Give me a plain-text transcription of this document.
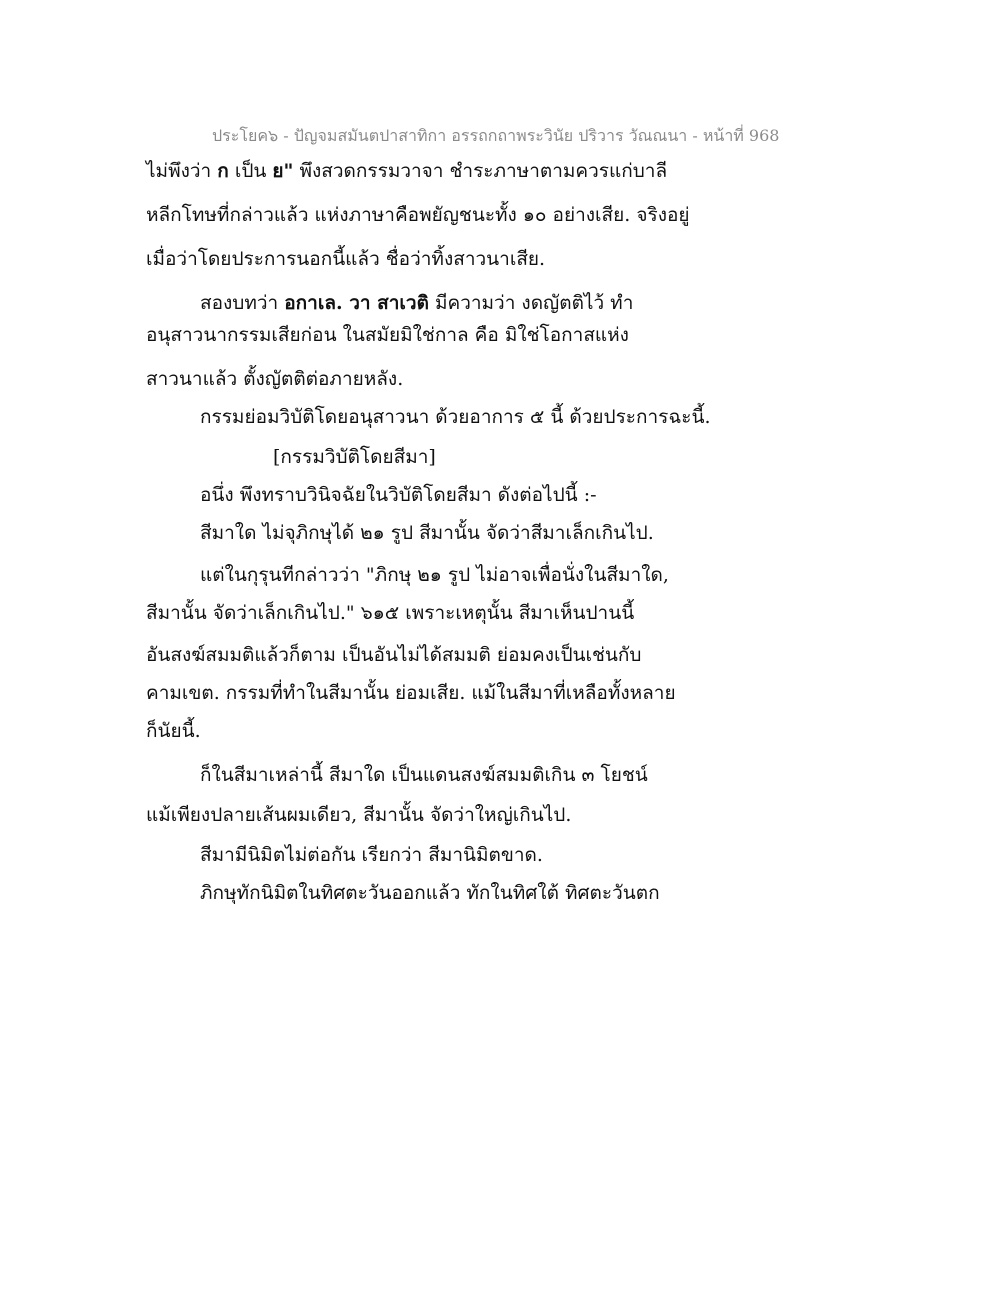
ประโยค๖ - ปัญจมสมันตปาสาทิกา อรรถกถาพระวินัย ปริวาร วัณณนา - หน้าที่ 968
ไม่พึงว่า ก เป็น ย" พึงสวดกรรมวาจา ชำระภาษาตามควรแก่บาลี
หลีกโทษที่กล่าวแล้ว แห่งภาษาคือพยัญชนะทั้ง ๑๐ อย่างเสีย. จริงอยู่
เมื่อว่าโดยประการนอกนี้แล้ว ชื่อว่าทิ้งสาวนาเสีย.
สองบทว่า อกาเล. วา สาเวติ มีความว่า งดญัตติไว้ ทำ
อนุสาวนากรรมเสียก่อน ในสมัยมิใช่กาล คือ มิใช่โอกาสแห่ง
สาวนาแล้ว ตั้งญัตติต่อภายหลัง.
กรรมย่อมวิบัติโดยอนุสาวนา ด้วยอาการ ๕ นี้ ด้วยประการฉะนี้.
[กรรมวิบัติโดยสีมา]
อนึ่ง พึงทราบวินิจฉัยในวิบัติโดยสีมา ดังต่อไปนี้ :-
สีมาใด ไม่จุภิกษุได้ ๒๑ รูป สีมานั้น จัดว่าสีมาเล็กเกินไป.
แต่ในกุรุนทีกล่าวว่า "ภิกษุ ๒๑ รูป ไม่อาจเพื่อนั่งในสีมาใด,
สีมานั้น จัดว่าเล็กเกินไป." ๖๑๕ เพราะเหตุนั้น สีมาเห็นปานนี้
อันสงฆ์สมมติแล้วก็ตาม เป็นอันไม่ได้สมมติ ย่อมคงเป็นเช่นกับ
คามเขต. กรรมที่ทำในสีมานั้น ย่อมเสีย. แม้ในสีมาที่เหลือทั้งหลาย
ก็นัยนี้.
ก็ในสีมาเหล่านี้ สีมาใด เป็นแดนสงฆ์สมมติเกิน ๓ โยชน์
แม้เพียงปลายเส้นผมเดียว, สีมานั้น จัดว่าใหญ่เกินไป.
สีมามีนิมิตไม่ต่อกัน เรียกว่า สีมานิมิตขาด.
ภิกษุทักนิมิตในทิศตะวันออกแล้ว ทักในทิศใต้ ทิศตะวันตก
